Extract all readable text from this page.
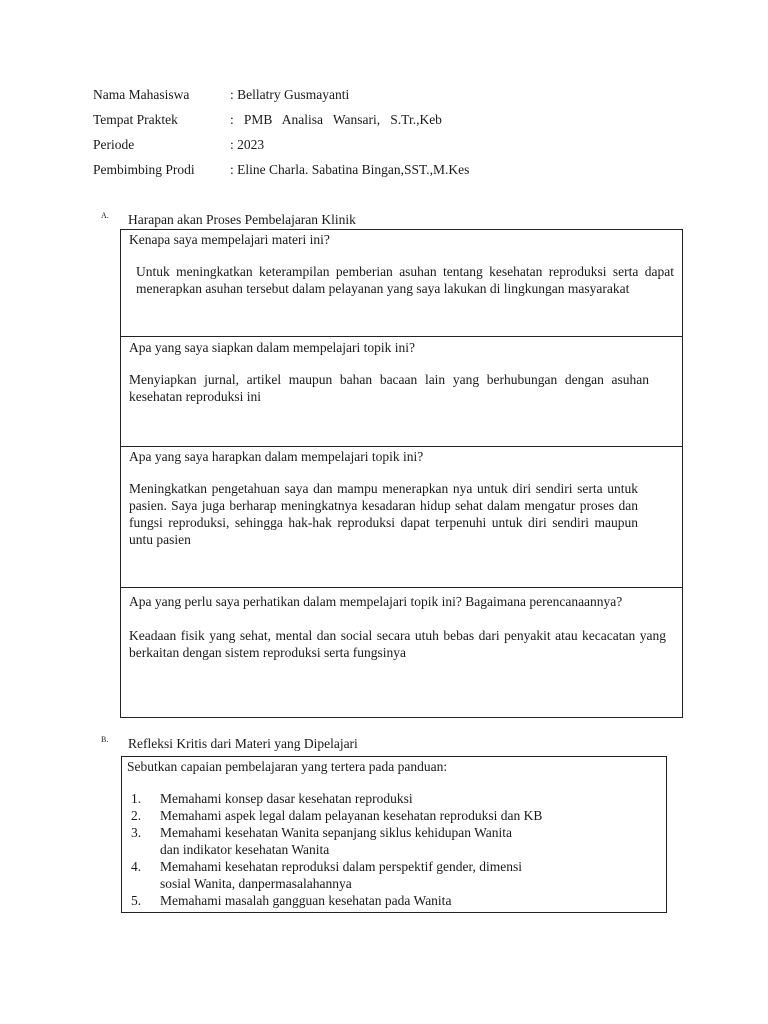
Nama Mahasiswa	: Bellatry Gusmayanti
Tempat Praktek	:   PMB   Analisa   Wansari,   S.Tr.,Keb
Periode	: 2023
Pembimbing Prodi	: Eline Charla. Sabatina Bingan,SST.,M.Kes
A. Harapan akan Proses Pembelajaran Klinik
Kenapa saya mempelajari materi ini?
Untuk meningkatkan keterampilan pemberian asuhan tentang kesehatan reproduksi serta dapat menerapkan asuhan tersebut dalam pelayanan yang saya lakukan di lingkungan masyarakat
Apa yang saya siapkan dalam mempelajari topik ini?
Menyiapkan jurnal, artikel maupun bahan bacaan lain yang berhubungan dengan asuhan kesehatan reproduksi ini
Apa yang saya harapkan dalam mempelajari topik ini?
Meningkatkan pengetahuan saya dan mampu menerapkan nya untuk diri sendiri serta untuk pasien. Saya juga berharap meningkatnya kesadaran hidup sehat dalam mengatur proses dan fungsi reproduksi, sehingga hak-hak reproduksi dapat terpenuhi untuk diri sendiri maupun untu pasien
Apa yang perlu saya perhatikan dalam mempelajari topik ini? Bagaimana perencanaannya?
Keadaan fisik yang sehat, mental dan social secara utuh bebas dari penyakit atau kecacatan yang berkaitan dengan sistem reproduksi serta fungsinya
B. Refleksi Kritis dari Materi yang Dipelajari
Sebutkan capaian pembelajaran yang tertera pada panduan:
1. Memahami konsep dasar kesehatan reproduksi
2. Memahami aspek legal dalam pelayanan kesehatan reproduksi dan KB
3. Memahami kesehatan Wanita sepanjang siklus kehidupan Wanita
dan indikator kesehatan Wanita
4. Memahami kesehatan reproduksi dalam perspektif gender, dimensi
sosial Wanita, danpermasalahannya
5. Memahami masalah gangguan kesehatan pada Wanita
